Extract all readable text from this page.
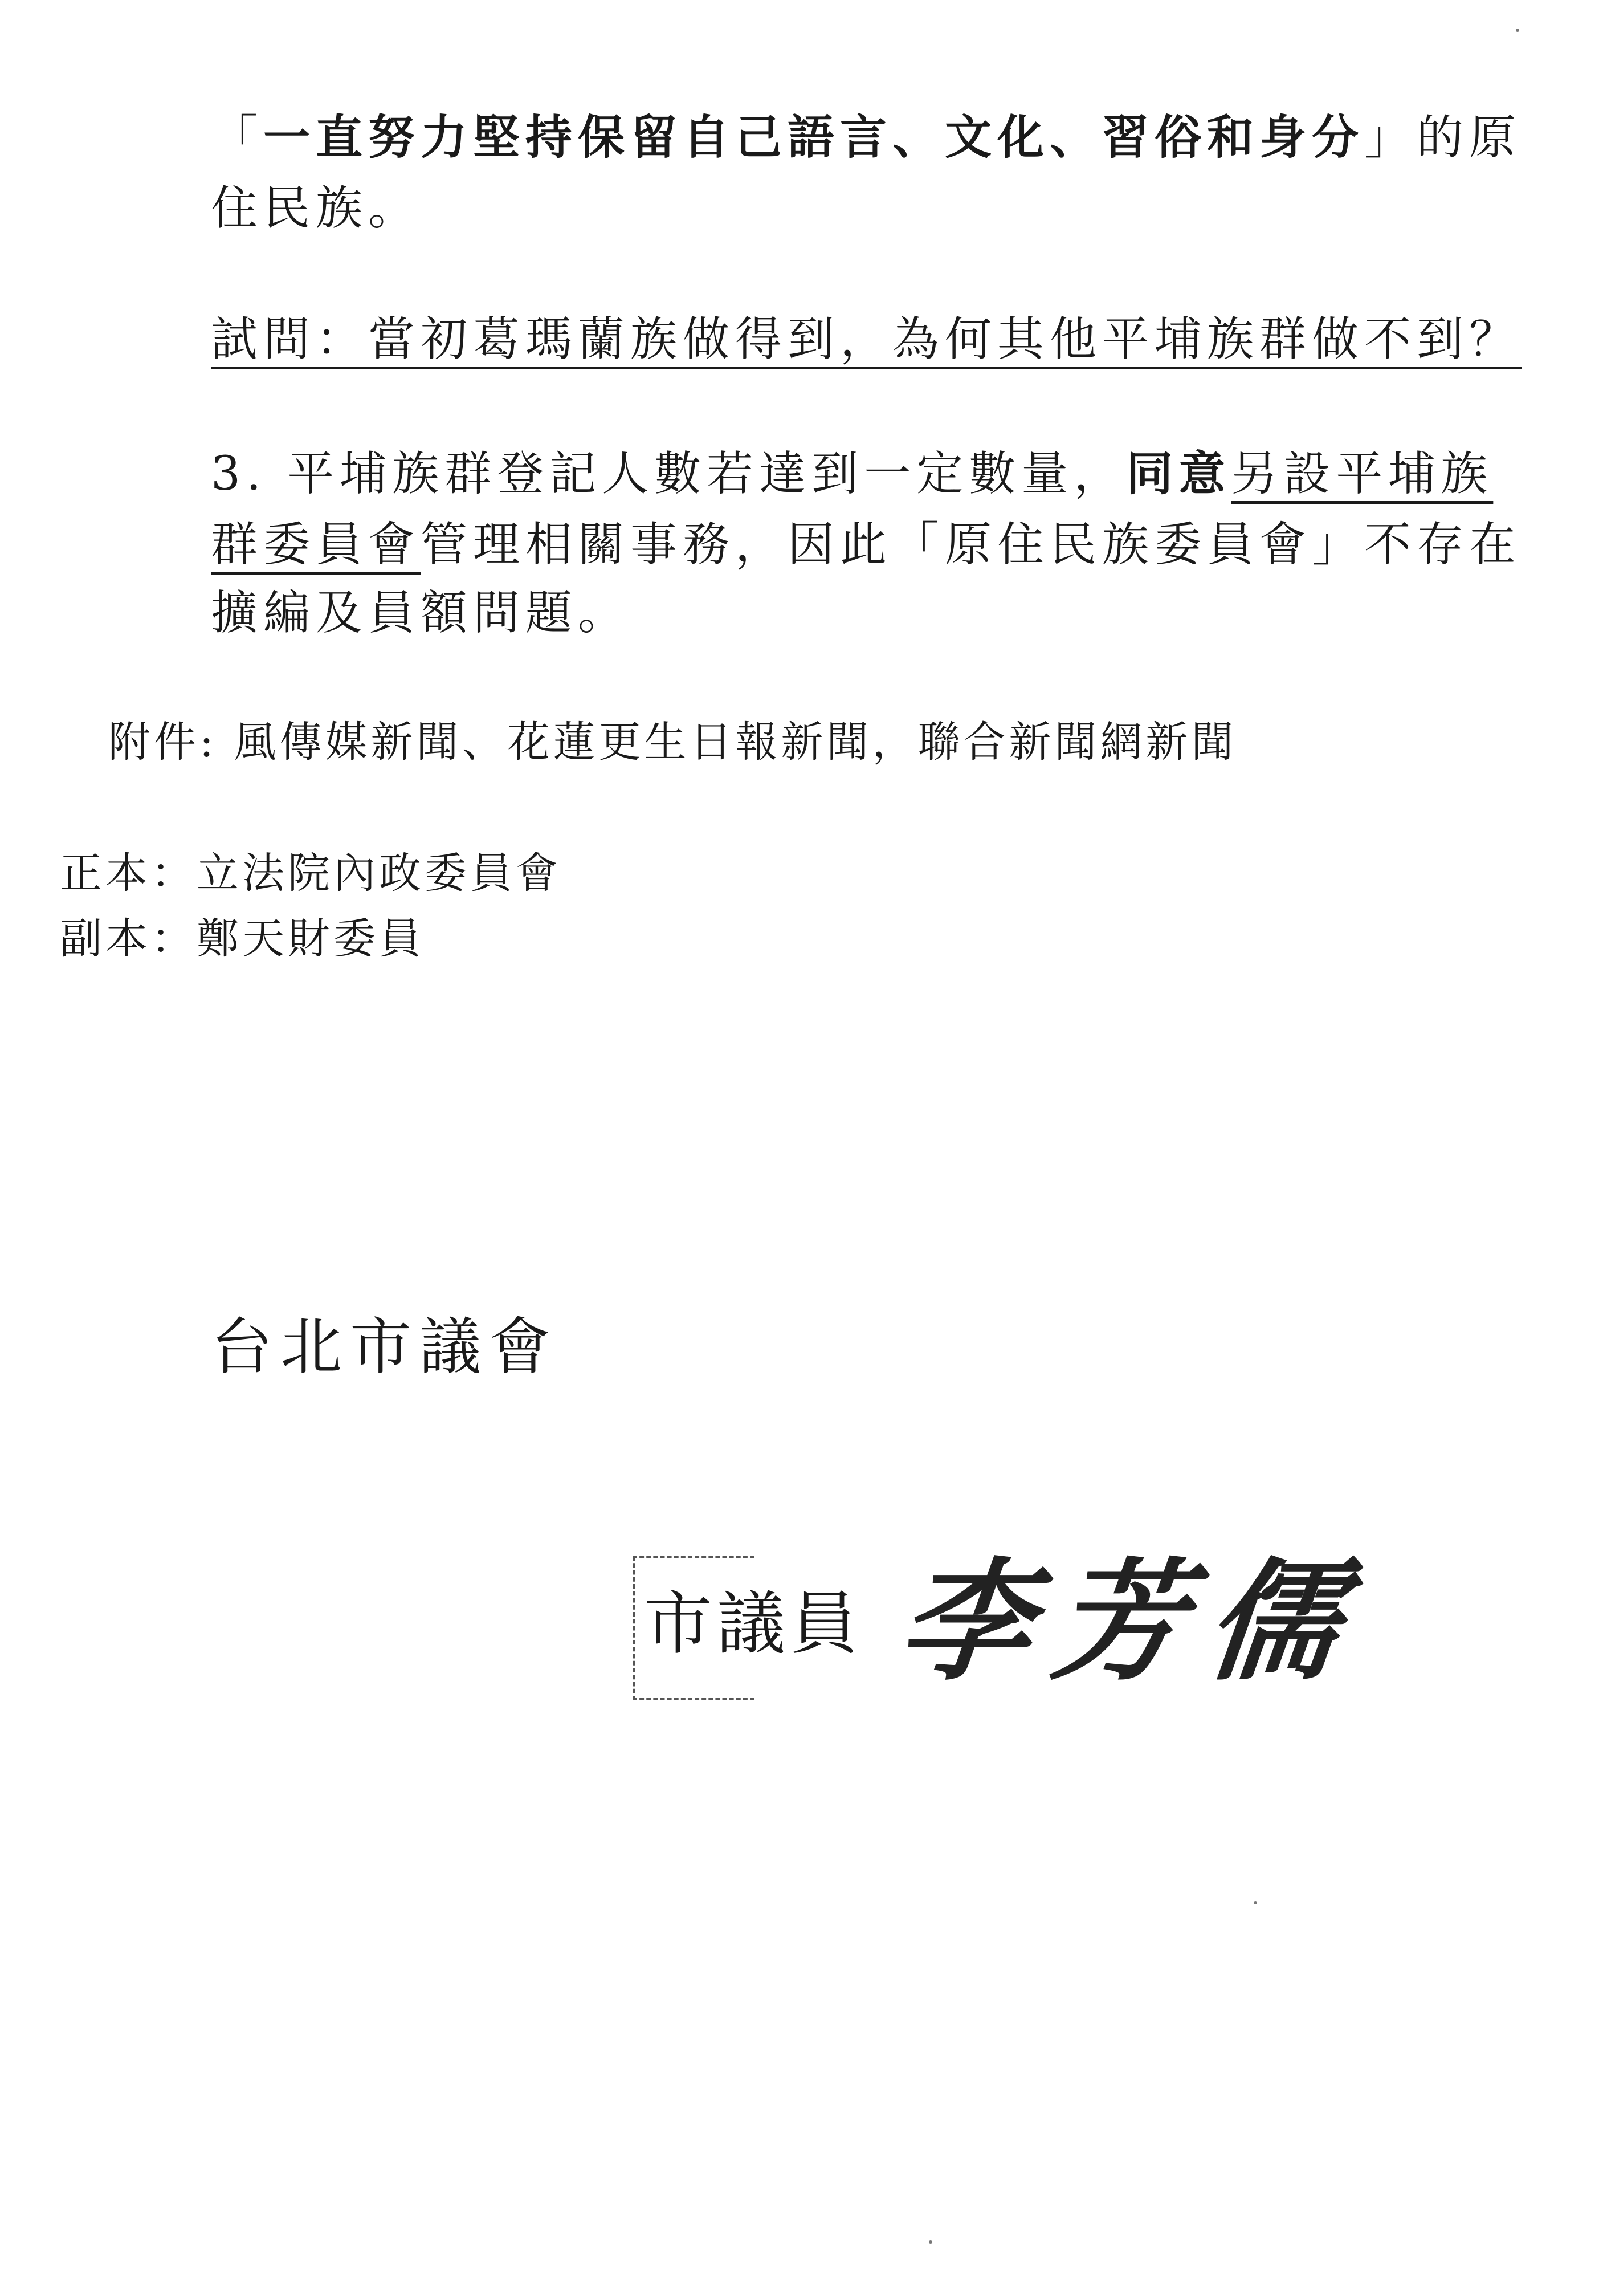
「一直努力堅持保留自己語言、文化、習俗和身分」的原
住民族。
試問：當初葛瑪蘭族做得到，為何其他平埔族群做不到？
3. 平埔族群登記人數若達到一定數量，同意另設平埔族
群委員會管理相關事務，因此「原住民族委員會」不存在
擴編及員額問題。
附件: 風傳媒新聞、花蓮更生日報新聞，聯合新聞網新聞
正本：立法院內政委員會
副本：鄭天財委員
台北市議會
市議員 李芳儒
